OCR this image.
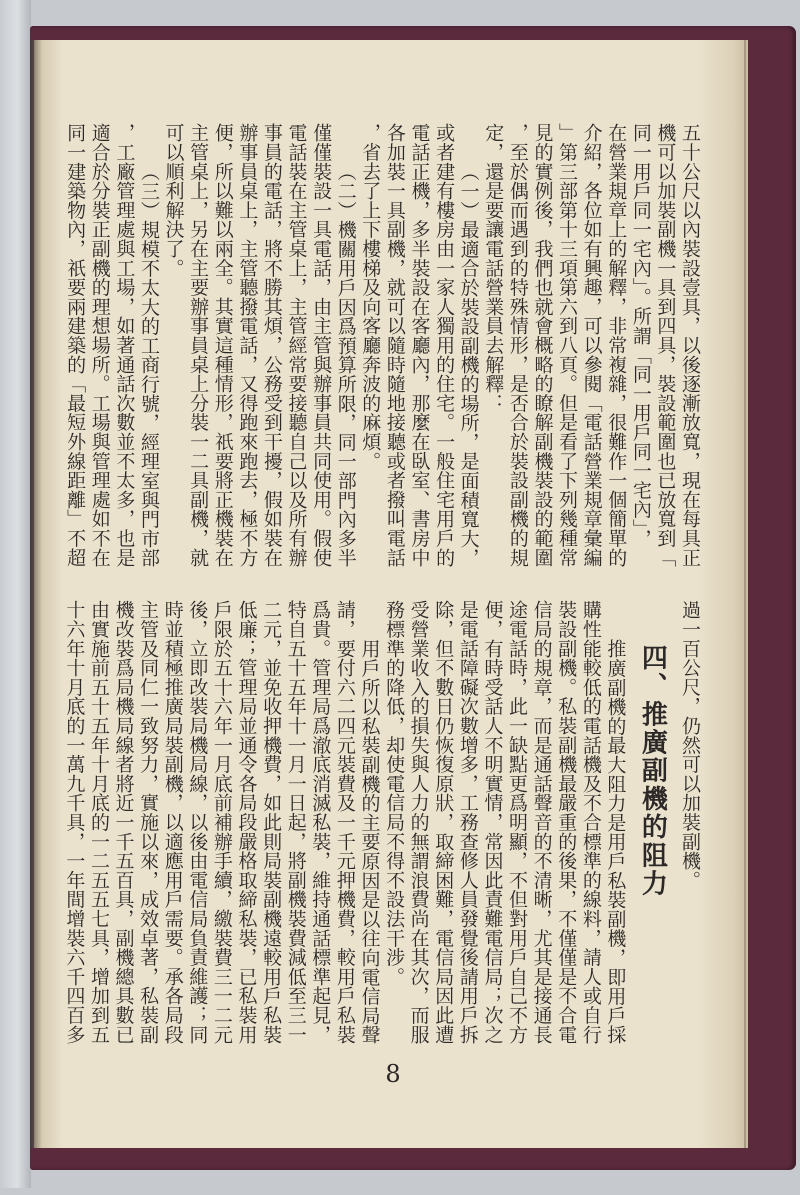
五十公尺以內裝設壹具，以後逐漸放寬，現在每具正
機可以加裝副機一具到四具，裝設範圍也已放寬到「
同一用戶同一宅內」。所謂「同一用戶同一宅內」，
在營業規章上的解釋，非常複雜，很難作一個簡單的
介紹，各位如有興趣，可以參閱「電話營業規章彙編
」第三部第十三項第六到八頁。但是看了下列幾種常
見的實例後，我們也就會概略的瞭解副機裝設的範圍
，至於偶而遇到的特殊情形，是否合於裝設副機的規
定，還是要讓電話營業員去解釋：
（一）最適合於裝設副機的場所，是面積寬大，
或者建有樓房由一家人獨用的住宅。一般住宅用戶的
電話正機，多半裝設在客廳內，那麼在臥室、書房中
各加裝一具副機，就可以隨時隨地接聽或者撥叫電話
，省去了上下樓梯及向客廳奔波的麻煩。
（二）機關用戶因爲預算所限，同一部門內多半
僅僅裝設一具電話，由主管與辦事員共同使用。假使
電話裝在主管桌上，主管經常要接聽自己以及所有辦
事員的電話，將不勝其煩，公務受到干擾，假如裝在
辦事員桌上，主管聽撥電話，又得跑來跑去，極不方
便，所以難以兩全。其實這種情形，祇要將正機裝在
主管桌上，另在主要辦事員桌上分裝一二具副機，就
可以順利解決了。
（三）規模不太大的工商行號，經理室與門市部
，工廠管理處與工場，如著通話次數並不太多，也是
適合於分裝正副機的理想場所。工場與管理處如不在
同一建築物內，祇要兩建築的「最短外線距離」不超
過一百公尺，仍然可以加裝副機。
四、推廣副機的阻力
推廣副機的最大阻力是用戶私裝副機，即用戶採
購性能較低的電話機及不合標準的線料，請人或自行
裝設副機。私裝副機最嚴重的後果，不僅僅是不合電
信局的規章，而是通話聲音的不清晰，尤其是接通長
途電話時，此一缺點更爲明顯，不但對用戶自己不方
便，有時受話人不明實情，常因此責難電信局；次之
是電話障礙次數增多，工務查修人員發覺後請用戶拆
除，但不數日仍恢復原狀，取締困難，電信局因此遭
受營業收入的損失與人力的無謂浪費尚在其次，而服
務標準的降低，却使電信局不得不設法干涉。
用戶所以私裝副機的主要原因是以往向電信局聲
請，要付六二四元裝費及一千元押機費，較用戶私裝
爲貴。管理局爲澈底消滅私裝，維持通話標準起見，
特自五十五年十一月一日起，將副機裝費減低至三一
二元，並免收押機費，如此則局裝副機遠較用戶私裝
低廉；管理局並通令各局段嚴格取締私裝，已私裝用
戶限於五十六年一月底前補辦手續，繳裝費三一二元
後，立即改裝局機局線，以後由電信局負責維護；同
時並積極推廣局裝副機，以適應用戶需要。承各局段
主管及同仁一致努力，實施以來，成效卓著，私裝副
機改裝爲局機局線者將近一千五百具，副機總具數已
由實施前五十五年十月底的一二五五七具，增加到五
十六年十月底的一萬九千具，一年間增裝六千四百多
8
